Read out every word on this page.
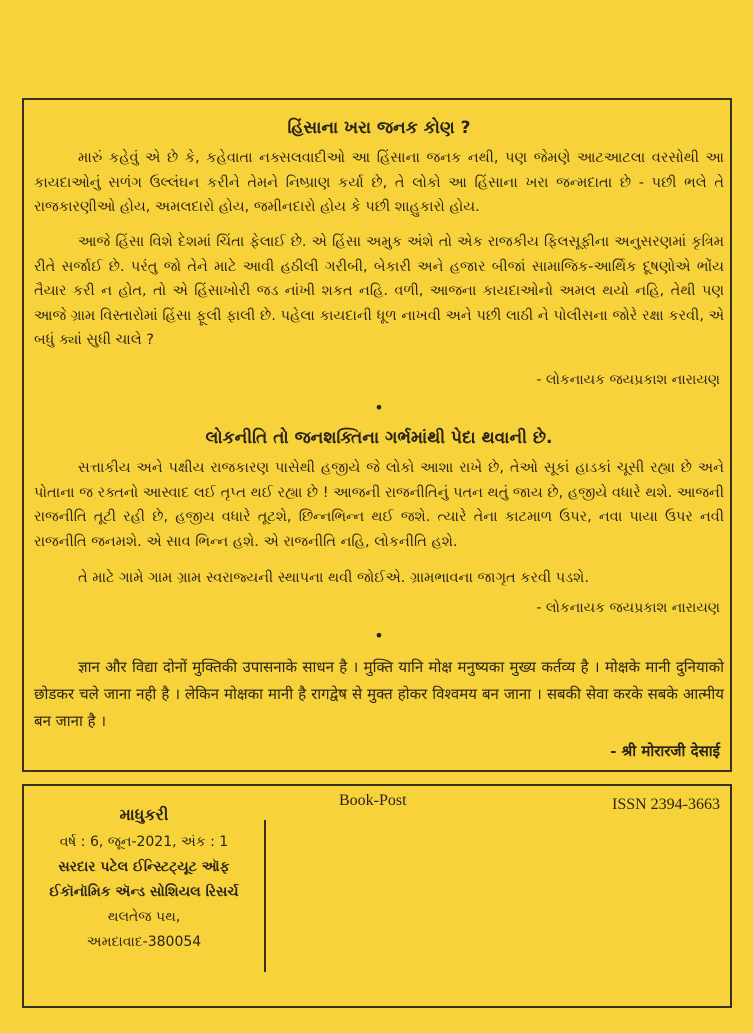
હિંસાના ખરા જનક કોણ ?

મારું કહેવું એ છે કે, કહેવાતા નક્સલવાદીઓ આ હિંસાના જનક નથી, પણ જેમણે આટઆટલા વરસોથી આ કાયદાઓનું સળંગ ઉલ્લંઘન કરીને તેમને નિષ્પ્રાણ કર્યા છે, તે લોકો આ હિંસાના ખરા જન્મદાતા છે - પછી ભલે તે રાજકારણીઓ હોય, અમલદારો હોય, જમીનદારો હોય કે પછી શાહુકારો હોય.

આજે હિંસા વિશે દેશમાં ચિંતા ફેલાઈ છે. એ હિંસા અમુક અંશે તો એક રાજકીય ફિલસૂફીના અનુસરણમાં કૃત્રિમ રીતે સર્જાઈ છે. પરંતુ જો તેને માટે આવી હઠીલી ગરીબી, બેકારી અને હજાર બીજાં સામાજિક-આર્થિક દૂષણોએ ભોંય તૈયાર કરી ન હોત, તો એ હિંસાખોરી જડ નાંખી શકત નહિ. વળી, આજના કાયદાઓનો અમલ થયો નહિ, તેથી પણ આજે ગ્રામ વિસ્તારોમાં હિંસા ફૂલી ફાલી છે. પહેલા કાયદાની ધૂળ નાખવી અને પછી લાઠી ને પોલીસના જોરે રક્ષા કરવી, એ બધું ક્યાં સુધી ચાલે ?

- લોકનાયક જયપ્રકાશ નારાયણ
•
લોકનીતિ તો જનશક્તિના ગર્ભમાંથી પેદા થવાની છે.

સત્તાકીય અને પક્ષીય રાજકારણ પાસેથી હજીયે જે લોકો આશા રાખે છે, તેઓ સૂકાં હાડકાં ચૂસી રહ્યા છે અને પોતાના જ રક્તનો આસ્વાદ લઈ તૃપ્ત થઈ રહ્યા છે ! આજની રાજનીતિનું પતન થતું જાય છે, હજીયે વધારે થશે. આજની રાજનીતિ તૂટી રહી છે, હજીય વધારે તૂટશે, છિન્નભિન્ન થઈ જશે. ત્યારે તેના કાટમાળ ઉપર, નવા પાયા ઉપર નવી રાજનીતિ જનમશે. એ સાવ ભિન્ન હશે. એ રાજનીતિ નહિ, લોકનીતિ હશે.

તે માટે ગામે ગામ ગ્રામ સ્વરાજ્યની સ્થાપના થવી જોઈએ. ગ્રામભાવના જાગૃત કરવી પડશે.

- લોકનાયક જયપ્રકાશ નારાયણ
•

ज्ञान और विद्या दोनों मुक्तिकी उपासनाके साधन है । मुक्ति यानि मोक्ष मनुष्यका मुख्य कर्तव्य है । मोक्षके मानी दुनियाको छोडकर चले जाना नही है । लेकिन मोक्षका मानी है रागद्वेष से मुक्त होकर विश्वमय बन जाना । सबकी सेवा करके सबके आत्मीय बन जाना है ।

- श्री मोरारजी देसाई
માધુકરી
વર્ષ : 6, જૂન-2021, અંક : 1
સરદાર પટેલ ઈન્સ્ટિટ્યૂટ ઑફ
ઈકૉનૉમિક ઍન્ડ સોશિયલ રિસર્ચ
થલતેજ પથ,
અમદાવાદ-380054
Book-Post	ISSN 2394-3663
